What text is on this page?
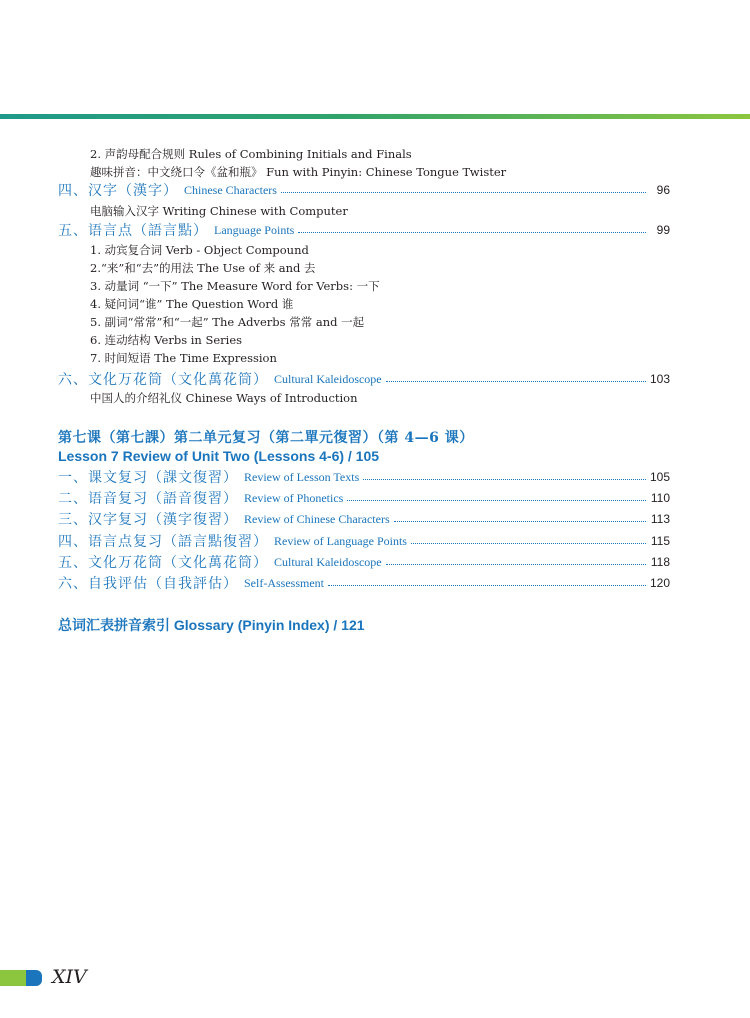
2. 声韵母配合规则 Rules of Combining Initials and Finals
趣味拼音：中文绕口令《盆和瓶》 Fun with Pinyin: Chinese Tongue Twister
四、汉字（漢字） Chinese Characters	96
电脑输入汉字 Writing Chinese with Computer
五、语言点（語言點） Language Points	99
1. 动宾复合词 Verb - Object Compound
2.“来”和“去”的用法 The Use of 来 and 去
3. 动量词 “一下” The Measure Word for Verbs: 一下
4. 疑问词“谁” The Question Word 谁
5. 副词“常常”和“一起” The Adverbs 常常 and 一起
6. 连动结构 Verbs in Series
7. 时间短语 The Time Expression
六、文化万花筒（文化萬花筒） Cultural Kaleidoscope	103
中国人的介绍礼仪 Chinese Ways of Introduction
第七课（第七課）第二单元复习（第二單元復習）（第 4—6 课）
Lesson 7 Review of Unit Two (Lessons 4-6) / 105
一、课文复习（課文復習） Review of Lesson Texts	105
二、语音复习（語音復習） Review of Phonetics	110
三、汉字复习（漢字復習） Review of Chinese Characters	113
四、语言点复习（語言點復習） Review of Language Points	115
五、文化万花筒（文化萬花筒） Cultural Kaleidoscope	118
六、自我评估（自我評估） Self-Assessment	120
总词汇表拼音索引 Glossary (Pinyin Index) / 121
XIV
